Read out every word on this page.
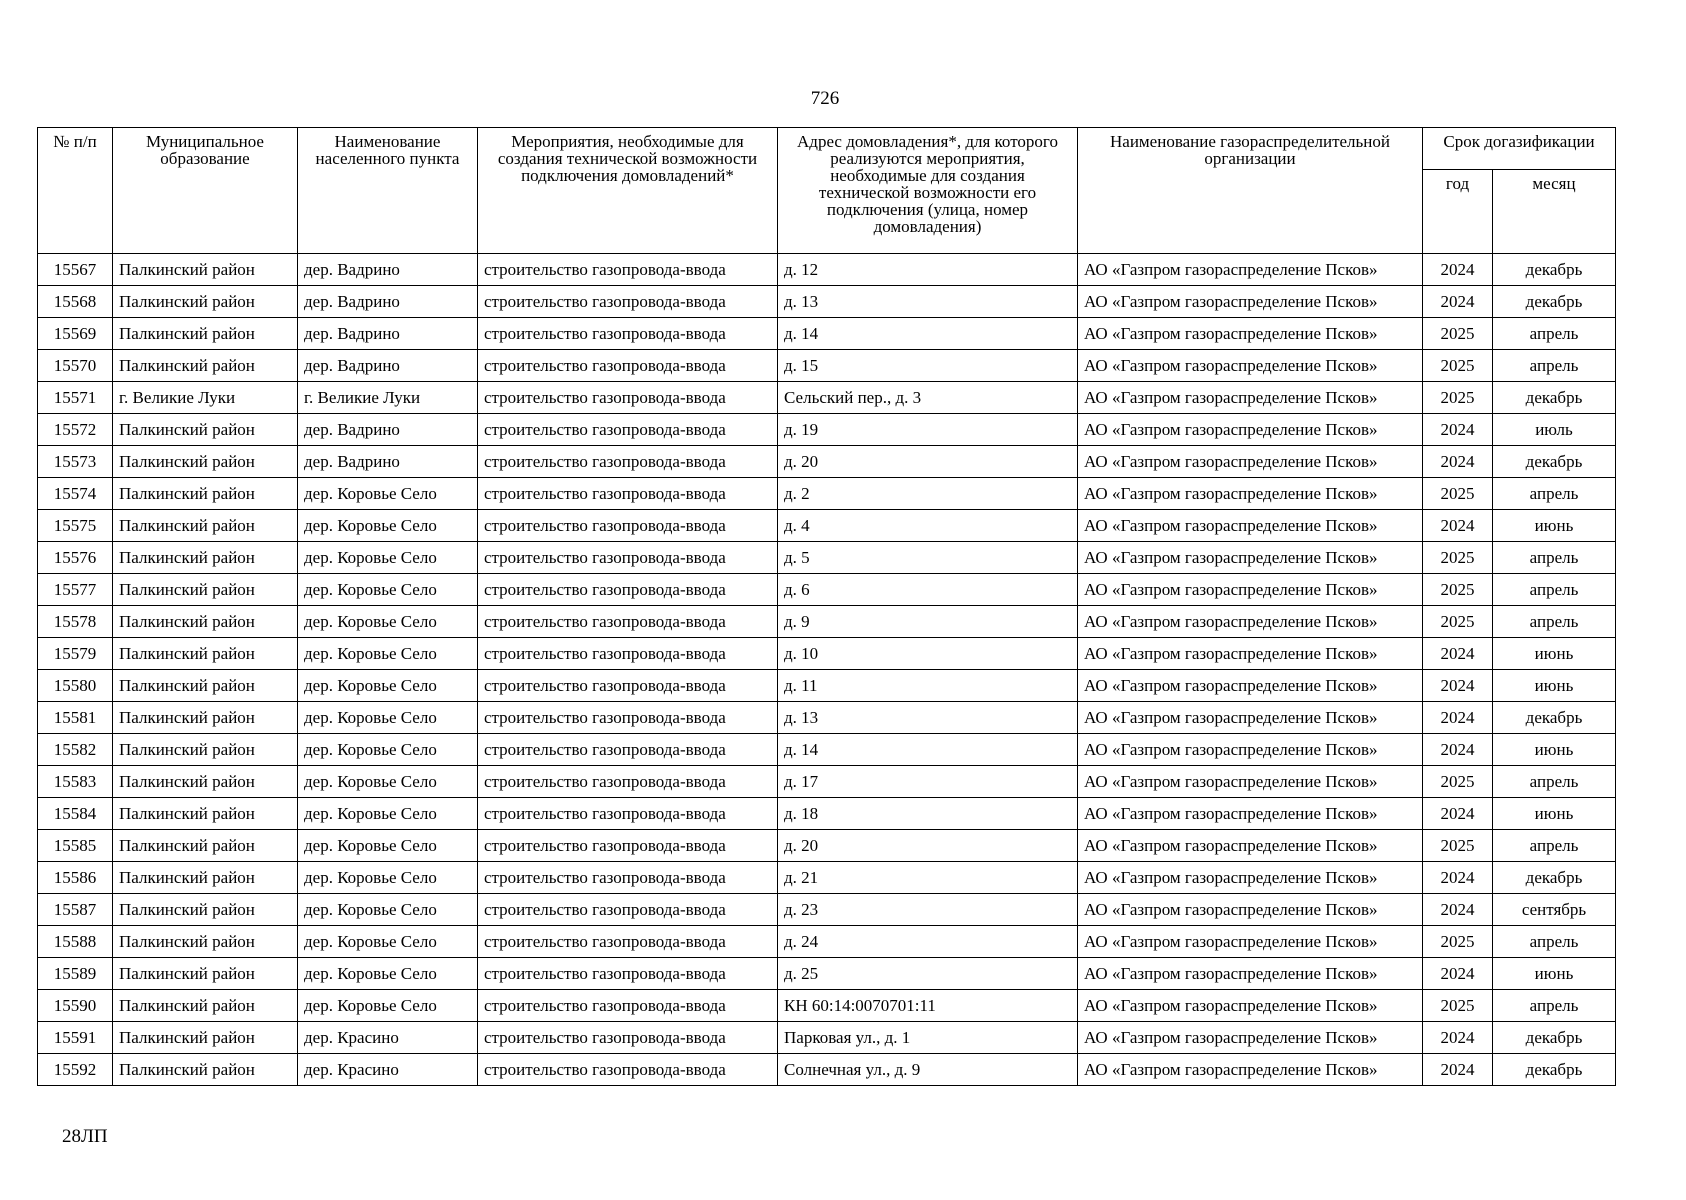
726
№ п/п	Муниципальное образование	Наименование населенного пункта	Мероприятия, необходимые для создания технической возможности подключения домовладений*	Адрес домовладения*, для которого реализуются мероприятия, необходимые для создания технической возможности его подключения (улица, номер домовладения)	Наименование газораспределительной организации	Срок догазификации	
						год	месяц
15567	Палкинский район	дер. Вадрино	строительство газопровода-ввода	д. 12	АО «Газпром газораспределение Псков»	2024	декабрь
15568	Палкинский район	дер. Вадрино	строительство газопровода-ввода	д. 13	АО «Газпром газораспределение Псков»	2024	декабрь
15569	Палкинский район	дер. Вадрино	строительство газопровода-ввода	д. 14	АО «Газпром газораспределение Псков»	2025	апрель
15570	Палкинский район	дер. Вадрино	строительство газопровода-ввода	д. 15	АО «Газпром газораспределение Псков»	2025	апрель
15571	г. Великие Луки	г. Великие Луки	строительство газопровода-ввода	Сельский пер., д. 3	АО «Газпром газораспределение Псков»	2025	декабрь
15572	Палкинский район	дер. Вадрино	строительство газопровода-ввода	д. 19	АО «Газпром газораспределение Псков»	2024	июль
15573	Палкинский район	дер. Вадрино	строительство газопровода-ввода	д. 20	АО «Газпром газораспределение Псков»	2024	декабрь
15574	Палкинский район	дер. Коровье Село	строительство газопровода-ввода	д. 2	АО «Газпром газораспределение Псков»	2025	апрель
15575	Палкинский район	дер. Коровье Село	строительство газопровода-ввода	д. 4	АО «Газпром газораспределение Псков»	2024	июнь
15576	Палкинский район	дер. Коровье Село	строительство газопровода-ввода	д. 5	АО «Газпром газораспределение Псков»	2025	апрель
15577	Палкинский район	дер. Коровье Село	строительство газопровода-ввода	д. 6	АО «Газпром газораспределение Псков»	2025	апрель
15578	Палкинский район	дер. Коровье Село	строительство газопровода-ввода	д. 9	АО «Газпром газораспределение Псков»	2025	апрель
15579	Палкинский район	дер. Коровье Село	строительство газопровода-ввода	д. 10	АО «Газпром газораспределение Псков»	2024	июнь
15580	Палкинский район	дер. Коровье Село	строительство газопровода-ввода	д. 11	АО «Газпром газораспределение Псков»	2024	июнь
15581	Палкинский район	дер. Коровье Село	строительство газопровода-ввода	д. 13	АО «Газпром газораспределение Псков»	2024	декабрь
15582	Палкинский район	дер. Коровье Село	строительство газопровода-ввода	д. 14	АО «Газпром газораспределение Псков»	2024	июнь
15583	Палкинский район	дер. Коровье Село	строительство газопровода-ввода	д. 17	АО «Газпром газораспределение Псков»	2025	апрель
15584	Палкинский район	дер. Коровье Село	строительство газопровода-ввода	д. 18	АО «Газпром газораспределение Псков»	2024	июнь
15585	Палкинский район	дер. Коровье Село	строительство газопровода-ввода	д. 20	АО «Газпром газораспределение Псков»	2025	апрель
15586	Палкинский район	дер. Коровье Село	строительство газопровода-ввода	д. 21	АО «Газпром газораспределение Псков»	2024	декабрь
15587	Палкинский район	дер. Коровье Село	строительство газопровода-ввода	д. 23	АО «Газпром газораспределение Псков»	2024	сентябрь
15588	Палкинский район	дер. Коровье Село	строительство газопровода-ввода	д. 24	АО «Газпром газораспределение Псков»	2025	апрель
15589	Палкинский район	дер. Коровье Село	строительство газопровода-ввода	д. 25	АО «Газпром газораспределение Псков»	2024	июнь
15590	Палкинский район	дер. Коровье Село	строительство газопровода-ввода	КН 60:14:0070701:11	АО «Газпром газораспределение Псков»	2025	апрель
15591	Палкинский район	дер. Красино	строительство газопровода-ввода	Парковая ул., д. 1	АО «Газпром газораспределение Псков»	2024	декабрь
15592	Палкинский район	дер. Красино	строительство газопровода-ввода	Солнечная ул., д. 9	АО «Газпром газораспределение Псков»	2024	декабрь
28ЛП
